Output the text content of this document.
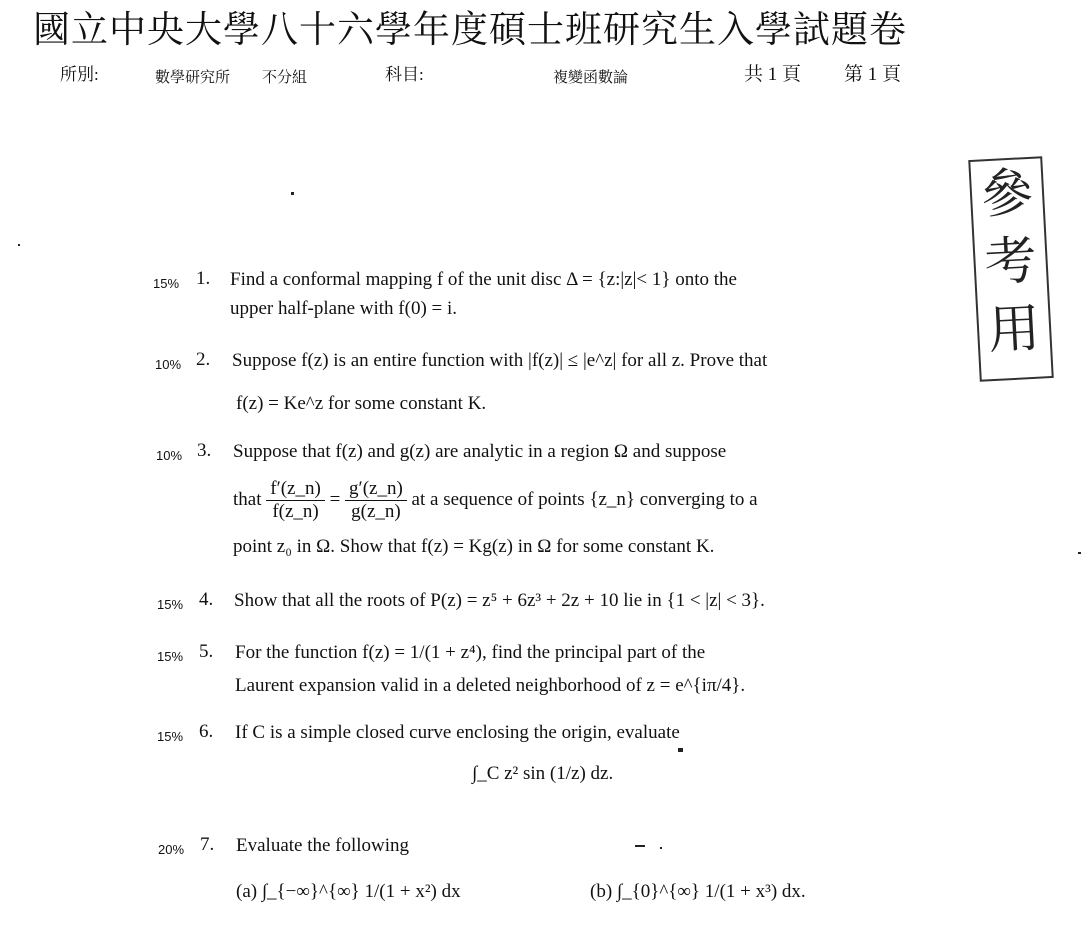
國立中央大學八十六學年度碩士班研究生入學試題卷
所別:	數學研究所 不分組	科目:	複變函數論	共 1 頁 第 1 頁
參
考
用
15% 1. Find a conformal mapping f of the unit disc Δ = {z:|z|< 1} onto the
upper half-plane with f(0) = i.
10% 2. Suppose f(z) is an entire function with |f(z)| ≤ |e^z| for all z. Prove that
f(z) = Ke^z for some constant K.
10% 3. Suppose that f(z) and g(z) are analytic in a region Ω and suppose
that $\frac{f'(z\_n)}{f(z\_n)} = \frac{g'(z\_n)}{g(z\_n)}$ at a sequence of points {z_n} converging to a
point z₀ in Ω. Show that f(z) = Kg(z) in Ω for some constant K.
15% 4. Show that all the roots of P(z) = z⁵ + 6z³ + 2z + 10 lie in {1 < |z| < 3}.
15% 5. For the function f(z) = 1/(1 + z⁴), find the principal part of the
Laurent expansion valid in a deleted neighborhood of z = e^{iπ/4}.
15% 6. If C is a simple closed curve enclosing the origin, evaluate
∫_C z² sin (1/z) dz.
20% 7. Evaluate the following
(a) ∫_{−∞}^{∞} 1/(1 + x²) dx	(b) ∫_{0}^{∞} 1/(1 + x³) dx.
